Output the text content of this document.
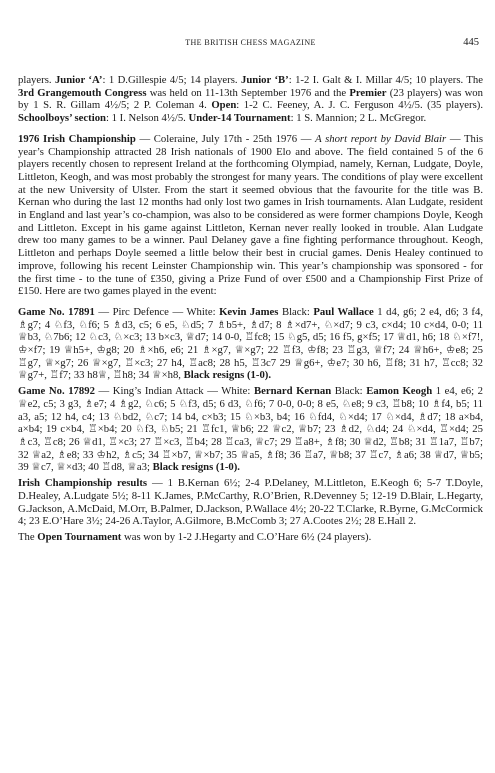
THE BRITISH CHESS MAGAZINE	445

players. Junior ‘A’: 1 D.Gillespie 4/5; 14 players. Junior ‘B’: 1-2 I. Galt & I. Millar 4/5; 10 players. The 3rd Grangemouth Congress was held on 11-13th September 1976 and the Premier (23 players) was won by 1 S. R. Gillam 4½/5; 2 P. Coleman 4. Open: 1-2 C. Feeney, A. J. C. Ferguson 4½/5. (35 players). Schoolboys’ section: 1 I. Nelson 4½/5. Under-14 Tournament: 1 S. Mannion; 2 L. McGregor.

1976 Irish Championship — Coleraine, July 17th - 25th 1976 — A short report by David Blair — This year’s Championship attracted 28 Irish nationals of 1900 Elo and above. The field contained 5 of the 6 players recently chosen to represent Ireland at the forthcoming Olympiad, namely, Kernan, Ludgate, Doyle, Littleton, Keogh, and was most probably the strongest for many years. The conditions of play were excellent at the new University of Ulster. From the start it seemed obvious that the favourite for the title was B. Kernan who during the last 12 months had only lost two games in Irish tournaments. Alan Ludgate, resident in England and last year’s co-champion, was also to be considered as were former champions Doyle, Keogh and Littleton. Except in his game against Littleton, Kernan never really looked in trouble. Alan Ludgate drew too many games to be a winner. Paul Delaney gave a fine fighting performance throughout. Keogh, Littleton and perhaps Doyle seemed a little below their best in crucial games. Denis Healey continued to improve, following his recent Leinster Championship win. This year’s championship was sponsored - for the first time - to the tune of £350, giving a Prize Fund of over £500 and a Championship First Prize of £150. Here are two games played in the event:

Game No. 17891 — Pirc Defence — White: Kevin James Black: Paul Wallace 1 d4, g6; 2 e4, d6; 3 f4, ♗g7; 4 ♘f3, ♘f6; 5 ♗d3, c5; 6 e5, ♘d5; 7 ♗b5+, ♗d7; 8 ♗×d7+, ♘×d7; 9 c3, c×d4; 10 c×d4, 0-0; 11 ♕b3, ♘7b6; 12 ♘c3, ♘×c3; 13 b×c3, ♕d7; 14 0-0, ♖fc8; 15 ♘g5, d5; 16 f5, g×f5; 17 ♕d1, h6; 18 ♘×f7!, ♔×f7; 19 ♕h5+, ♔g8; 20 ♗×h6, e6; 21 ♗×g7, ♕×g7; 22 ♖f3, ♔f8; 23 ♖g3, ♕f7; 24 ♕h6+, ♔e8; 25 ♖g7, ♕×g7; 26 ♕×g7, ♖×c3; 27 h4, ♖ac8; 28 h5, ♖3c7 29 ♕g6+, ♔e7; 30 h6, ♖f8; 31 h7, ♖cc8; 32 ♕g7+, ♖f7; 33 h8♕, ♖h8; 34 ♕×h8, Black resigns (1-0).

Game No. 17892 — King’s Indian Attack — White: Bernard Kernan Black: Eamon Keogh 1 e4, e6; 2 ♕e2, c5; 3 g3, ♗e7; 4 ♗g2, ♘c6; 5 ♘f3, d5; 6 d3, ♘f6; 7 0-0, 0-0; 8 e5, ♘e8; 9 c3, ♖b8; 10 ♗f4, b5; 11 a3, a5; 12 h4, c4; 13 ♘bd2, ♘c7; 14 b4, c×b3; 15 ♘×b3, b4; 16 ♘fd4, ♘×d4; 17 ♘×d4, ♗d7; 18 a×b4, a×b4; 19 c×b4, ♖×b4; 20 ♘f3, ♘b5; 21 ♖fc1, ♕b6; 22 ♕c2, ♕b7; 23 ♗d2, ♘d4; 24 ♘×d4, ♖×d4; 25 ♗c3, ♖c8; 26 ♕d1, ♖×c3; 27 ♖×c3, ♖b4; 28 ♖ca3, ♕c7; 29 ♖a8+, ♗f8; 30 ♕d2, ♖b8; 31 ♖1a7, ♖b7; 32 ♕a2, ♗e8; 33 ♔h2, ♗c5; 34 ♖×b7, ♕×b7; 35 ♕a5, ♗f8; 36 ♖a7, ♕b8; 37 ♖c7, ♗a6; 38 ♕d7, ♕b5; 39 ♕c7, ♕×d3; 40 ♖d8, ♕a3; Black resigns (1-0).

Irish Championship results — 1 B.Kernan 6½; 2-4 P.Delaney, M.Littleton, E.Keogh 6; 5-7 T.Doyle, D.Healey, A.Ludgate 5½; 8-11 K.James, P.McCarthy, R.O’Brien, R.Devenney 5; 12-19 D.Blair, L.Hegarty, G.Jackson, A.McDaid, M.Orr, B.Palmer, D.Jackson, P.Wallace 4½; 20-22 T.Clarke, R.Byrne, G.McCormick 4; 23 E.O’Hare 3½; 24-26 A.Taylor, A.Gilmore, B.McComb 3; 27 A.Cootes 2½; 28 E.Hall 2.

The Open Tournament was won by 1-2 J.Hegarty and C.O’Hare 6½ (24 players).
